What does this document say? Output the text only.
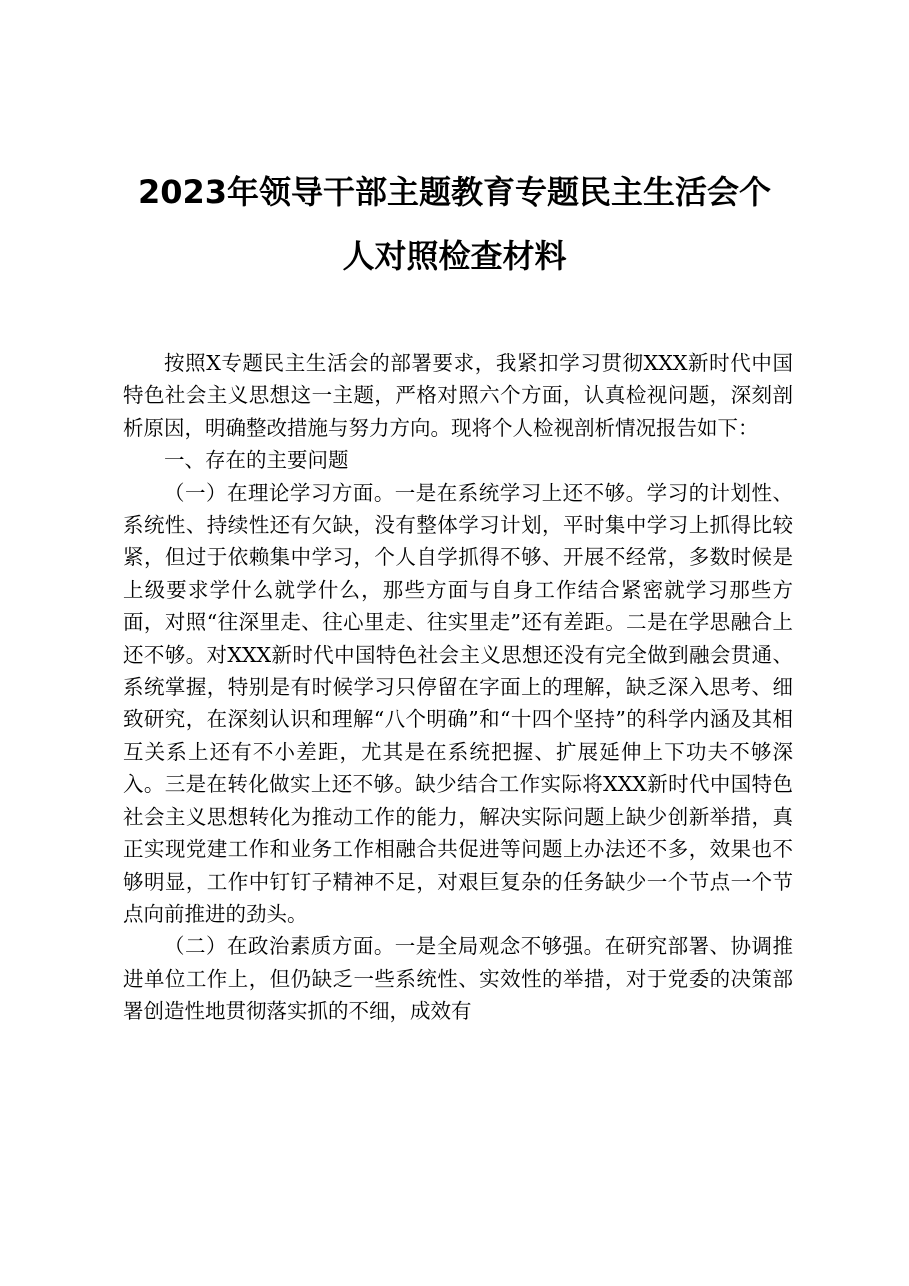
2023年领导干部主题教育专题民主生活会个
人对照检查材料

按照X专题民主生活会的部署要求，我紧扣学习贯彻XXX新时代中国特色社会主义思想这一主题，严格对照六个方面，认真检视问题，深刻剖析原因，明确整改措施与努力方向。现将个人检视剖析情况报告如下：

一、存在的主要问题

（一）在理论学习方面。一是在系统学习上还不够。学习的计划性、系统性、持续性还有欠缺，没有整体学习计划，平时集中学习上抓得比较紧，但过于依赖集中学习，个人自学抓得不够、开展不经常，多数时候是上级要求学什么就学什么，那些方面与自身工作结合紧密就学习那些方面，对照“往深里走、往心里走、往实里走”还有差距。二是在学思融合上还不够。对XXX新时代中国特色社会主义思想还没有完全做到融会贯通、系统掌握，特别是有时候学习只停留在字面上的理解，缺乏深入思考、细致研究，在深刻认识和理解“八个明确”和“十四个坚持”的科学内涵及其相互关系上还有不小差距，尤其是在系统把握、扩展延伸上下功夫不够深入。三是在转化做实上还不够。缺少结合工作实际将XXX新时代中国特色社会主义思想转化为推动工作的能力，解决实际问题上缺少创新举措，真正实现党建工作和业务工作相融合共促进等问题上办法还不多，效果也不够明显，工作中钉钉子精神不足，对艰巨复杂的任务缺少一个节点一个节点向前推进的劲头。

（二）在政治素质方面。一是全局观念不够强。在研究部署、协调推进单位工作上，但仍缺乏一些系统性、实效性的举措，对于党委的决策部署创造性地贯彻落实抓的不细，成效有
